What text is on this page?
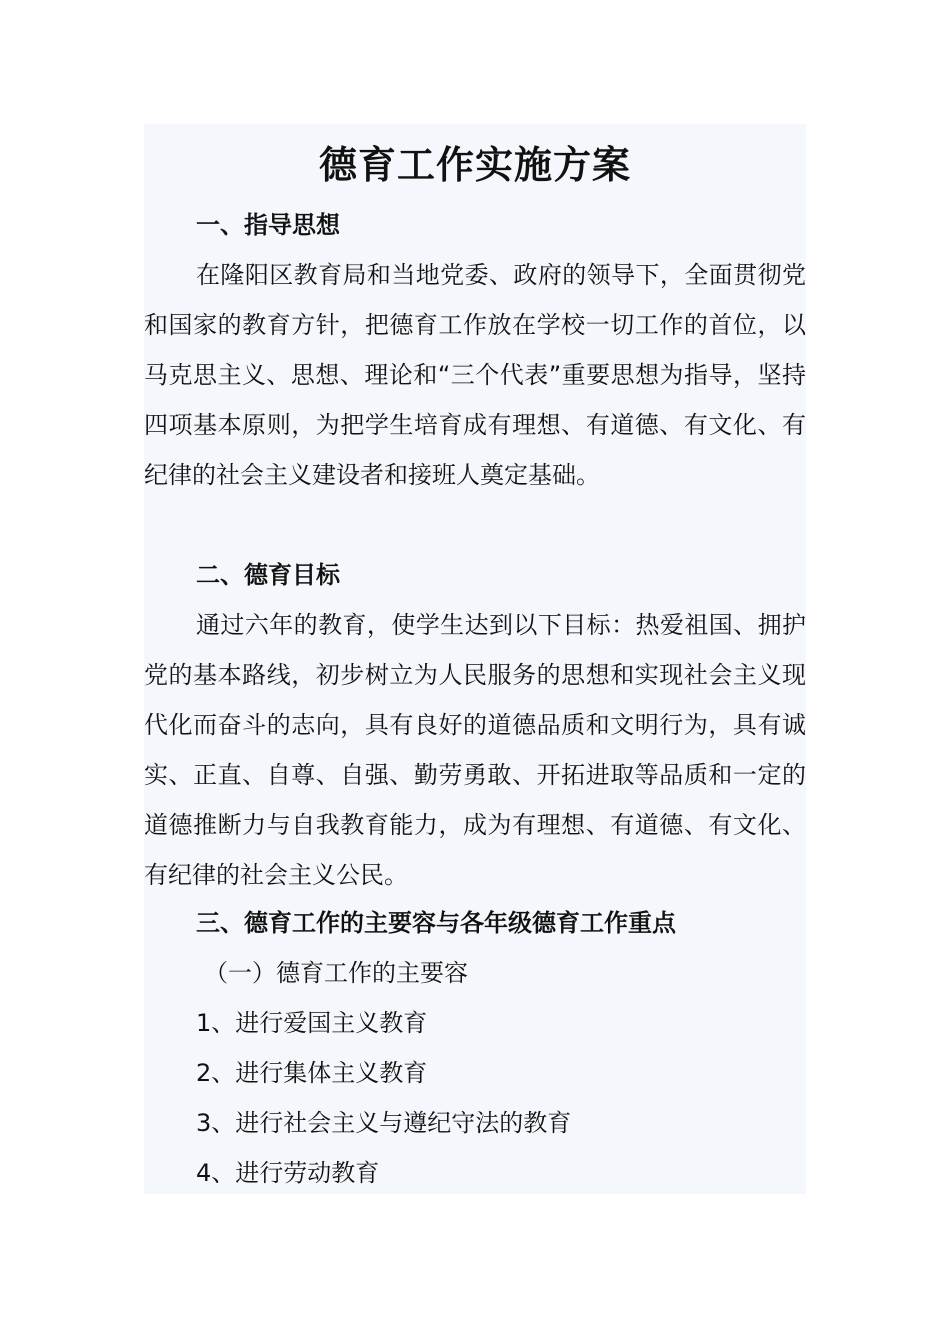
德育工作实施方案
一、指导思想

在隆阳区教育局和当地党委、政府的领导下，全面贯彻党和国家的教育方针，把德育工作放在学校一切工作的首位，以马克思主义、思想、理论和“三个代表”重要思想为指导，坚持四项基本原则，为把学生培育成有理想、有道德、有文化、有纪律的社会主义建设者和接班人奠定基础。

二、德育目标

通过六年的教育，使学生达到以下目标：热爱祖国、拥护党的基本路线，初步树立为人民服务的思想和实现社会主义现代化而奋斗的志向，具有良好的道德品质和文明行为，具有诚实、正直、自尊、自强、勤劳勇敢、开拓进取等品质和一定的道德推断力与自我教育能力，成为有理想、有道德、有文化、有纪律的社会主义公民。

三、德育工作的主要容与各年级德育工作重点
（一）德育工作的主要容
1、进行爱国主义教育
2、进行集体主义教育
3、进行社会主义与遵纪守法的教育
4、进行劳动教育
